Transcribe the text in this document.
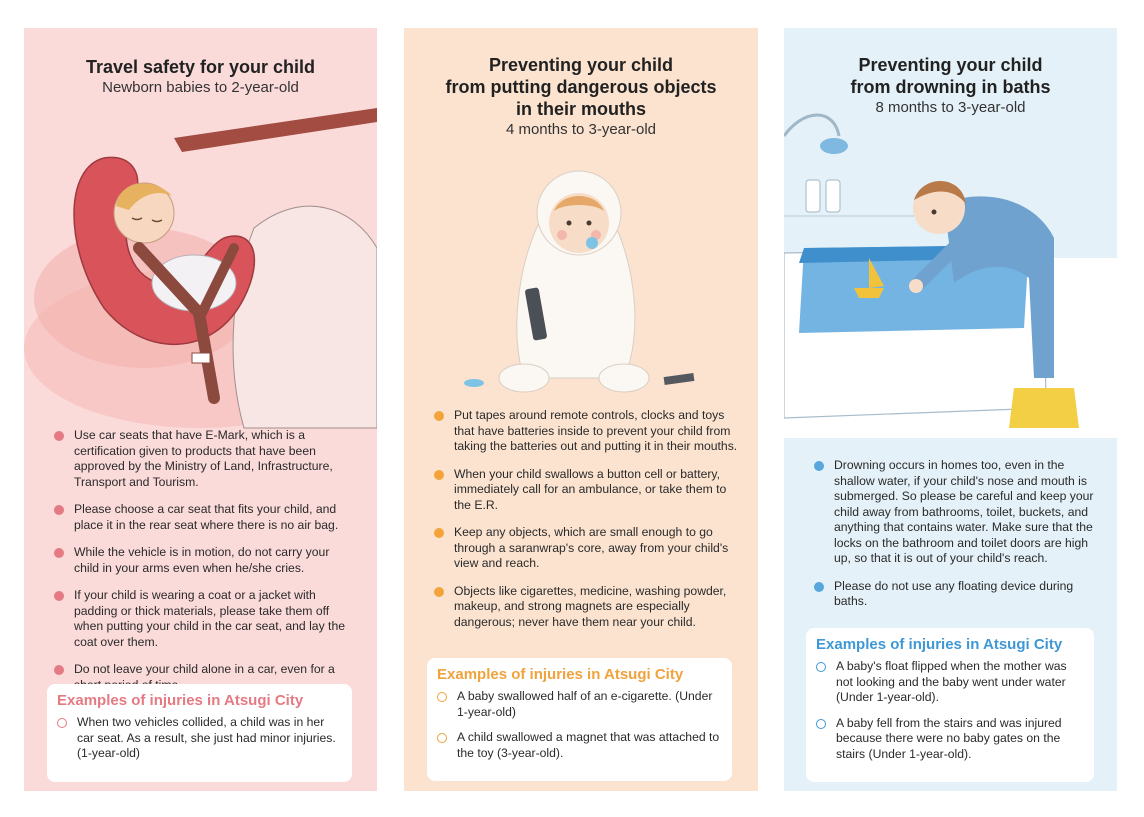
Travel safety for your child
Newborn babies to 2-year-old
Use car seats that have E-Mark, which is a certification given to products that have been approved by the Ministry of Land, Infrastructure, Transport and Tourism.
Please choose a car seat that fits your child, and place it in the rear seat where there is no air bag.
While the vehicle is in motion, do not carry your child in your arms even when he/she cries.
If your child is wearing a coat or a jacket with padding or thick materials, please take them off when putting your child in the car seat, and lay the coat over them.
Do not leave your child alone in a car, even for a
Examples of injuries in Atsugi City
When two vehicles collided, a child was in her car seat. As a result, she just had minor injuries. (1-year-old)
Preventing your child
from putting dangerous objects
in their mouths
4 months to 3-year-old
Put tapes around remote controls, clocks and toys that have batteries inside to prevent your child from taking the batteries out and putting it in their mouths.
When your child swallows a button cell or battery, immediately call for an ambulance, or take them to the E.R.
Keep any objects, which are small enough to go through a saranwrap's core, away from your child's view and reach.
Objects like cigarettes, medicine, washing powder, makeup, and strong magnets are especially dangerous; never have them near your child.
Examples of injuries in Atsugi City
A baby swallowed half of an e-cigarette. (Under 1-year-old)
A child swallowed a magnet that was attached to the toy (3-year-old).
Preventing your child
from drowning in baths
8 months to 3-year-old
Drowning occurs in homes too, even in the shallow water, if your child's nose and mouth is submerged. So please be careful and keep your child away from bathrooms, toilet, buckets, and anything that contains water. Make sure that the locks on the bathroom and toilet doors are high up, so that it is out of your child's reach.
Please do not use any floating device during baths.
Examples of injuries in Atsugi City
A baby's float flipped when the mother was not looking and the baby went under water (Under 1-year-old).
A baby fell from the stairs and was injured because there were no baby gates on the stairs (Under 1-year-old).
